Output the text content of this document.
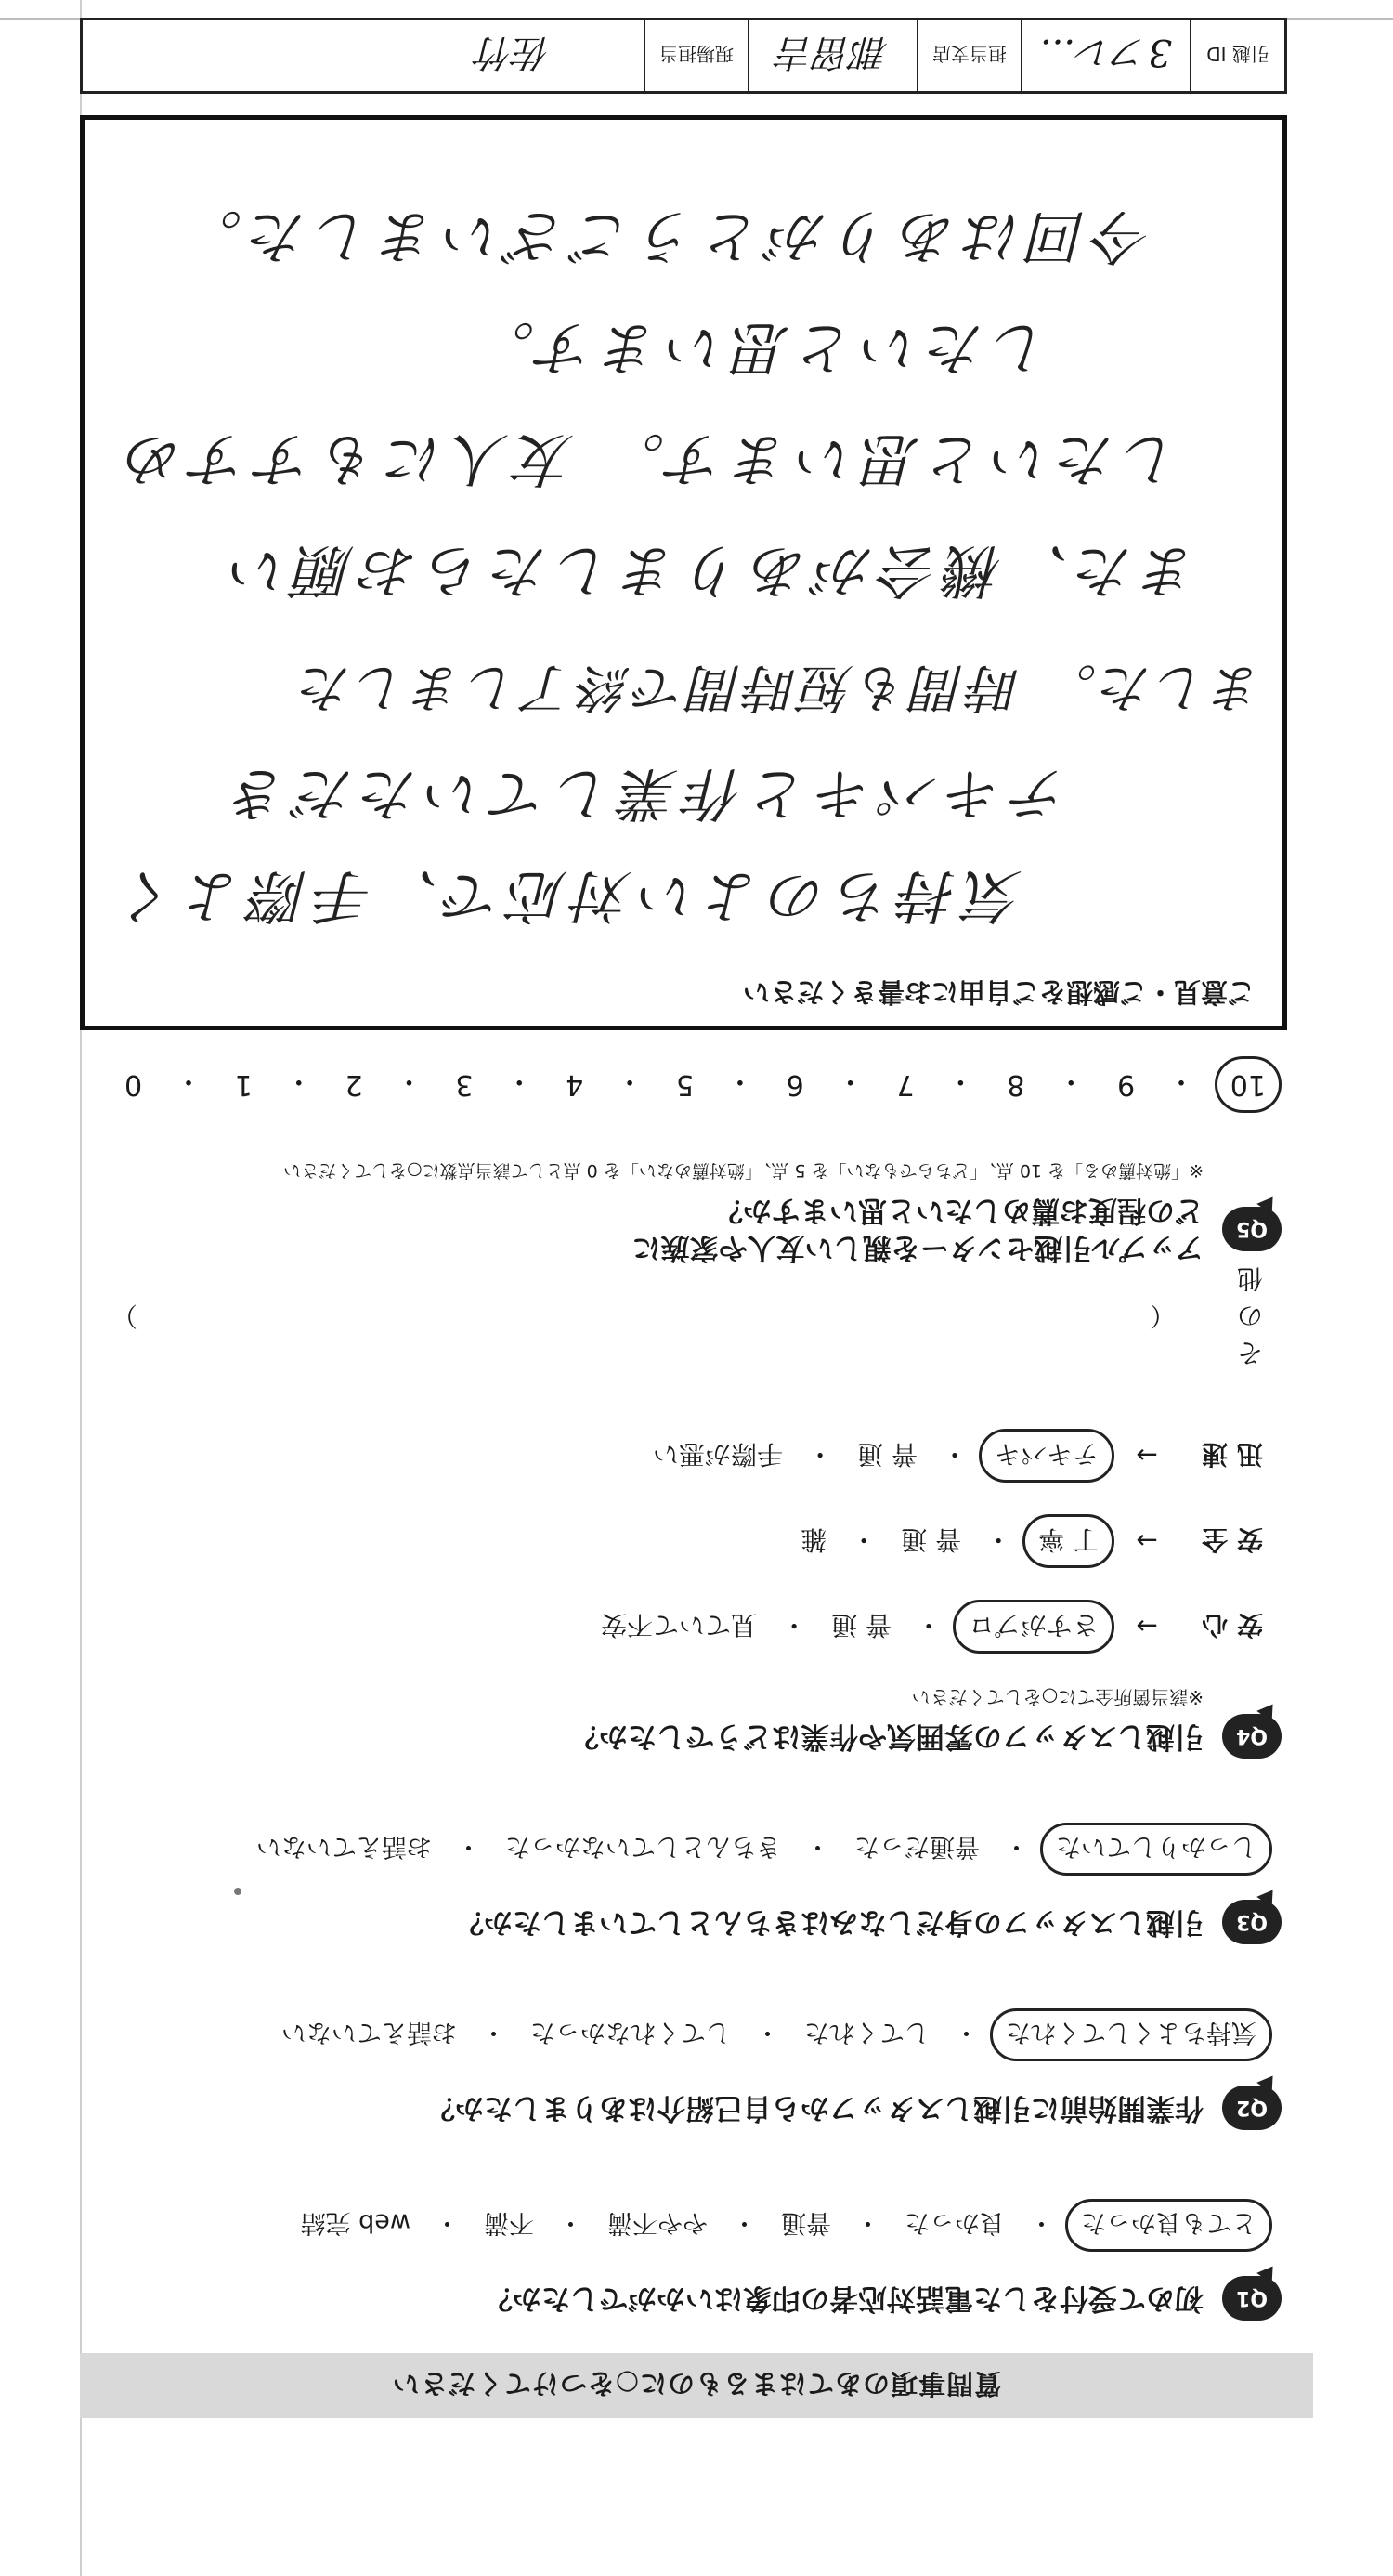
質問事項のあてはまるものに○をつけてください
Q1
初めて受付をした電話対応者の印象はいかがでしたか？
とても良かった
・
良かった
・
普通
・
やや不満
・
不満
・
web 完結
Q2
作業開始前に引越しスタッフから自己紹介はありましたか？
気持ちよくしてくれた
・
してくれた
・
してくれなかった
・
お話えていない
Q3
引越しスタッフの身だしなみはきちんとしていましたか？
しっかりしていた
・
普通だった
・
きちんとしていなかった
・
お話えていない
Q4
引越しスタッフの雰囲気や作業はどうでしたか？
※該当箇所全てに○をしてください
安 心
→
さすがプロ
・
普 通
・
見ていて不安
安 全
→
丁 寧
・
普 通
・
雑
迅 速
→
テキパキ
・
普 通
・
手際が悪い
その他
（
）
Q5
アップル引越センターを親しい友人や家族に
どの程度お薦めしたいと思いますか？
※「絶対薦める」を 10 点、「どちらでもない」を 5 点、「絶対薦めない」を 0 点として該当点数に○をしてください
10
・
9
・
8
・
7
・
6
・
5
・
4
・
3
・
2
・
1
・
0
ご意見・ご感想をご自由にお書きください
気持ちのよい対応で、手際よく
テキパキと作業していただき
ました。 時間も短時間で終了しました
また、機会がありましたらお願い
したいと思います。 友人にもすすめ
したいと思います。
今回はありがとうございました。
引越 ID
3フレ...
担当支店
郡留吉
現場担当
佐竹
